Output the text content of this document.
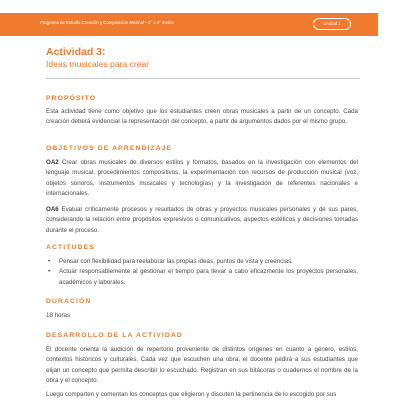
Programa de Estudio Creación y Composición Musical • 3° o 4° medio	Unidad 1
Actividad 3:
Ideas musicales para crear
PROPÓSITO
Esta actividad tiene como objetivo que los estudiantes creen obras musicales a partir de un concepto. Cada creación deberá evidenciar la representación del concepto, a partir de argumentos dados por el mismo grupo.
OBJETIVOS DE APRENDIZAJE
OA2 Crear obras musicales de diversos estilos y formatos, basados en la investigación con elementos del lenguaje musical, procedimientos compositivos, la experimentación con recursos de producción musical (voz, objetos sonoros, instrumentos musicales y tecnologías) y la investigación de referentes nacionales e internacionales.
OA6 Evaluar críticamente procesos y resultados de obras y proyectos musicales personales y de sus pares, considerando la relación entre propósitos expresivos o comunicativos, aspectos estéticos y decisiones tomadas durante el proceso.
ACTITUDES
• Pensar con flexibilidad para reelaborar las propias ideas, puntos de vista y creencias.
• Actuar responsablemente al gestionar el tiempo para llevar a cabo eficazmente los proyectos personales, académicos y laborales.
DURACIÓN
18 horas
DESARROLLO DE LA ACTIVIDAD
El docente orienta la audición de repertorio proveniente de distintos orígenes en cuanto a género, estilos, contextos históricos y culturales. Cada vez que escuchen una obra, el docente pedirá a sus estudiantes que elijan un concepto que permita describir lo escuchado. Registran en sus bitácoras o cuadernos el nombre de la obra y el concepto.
Luego comparten y comentan los conceptos que eligieron y discuten la pertinencia de lo escogido por sus
